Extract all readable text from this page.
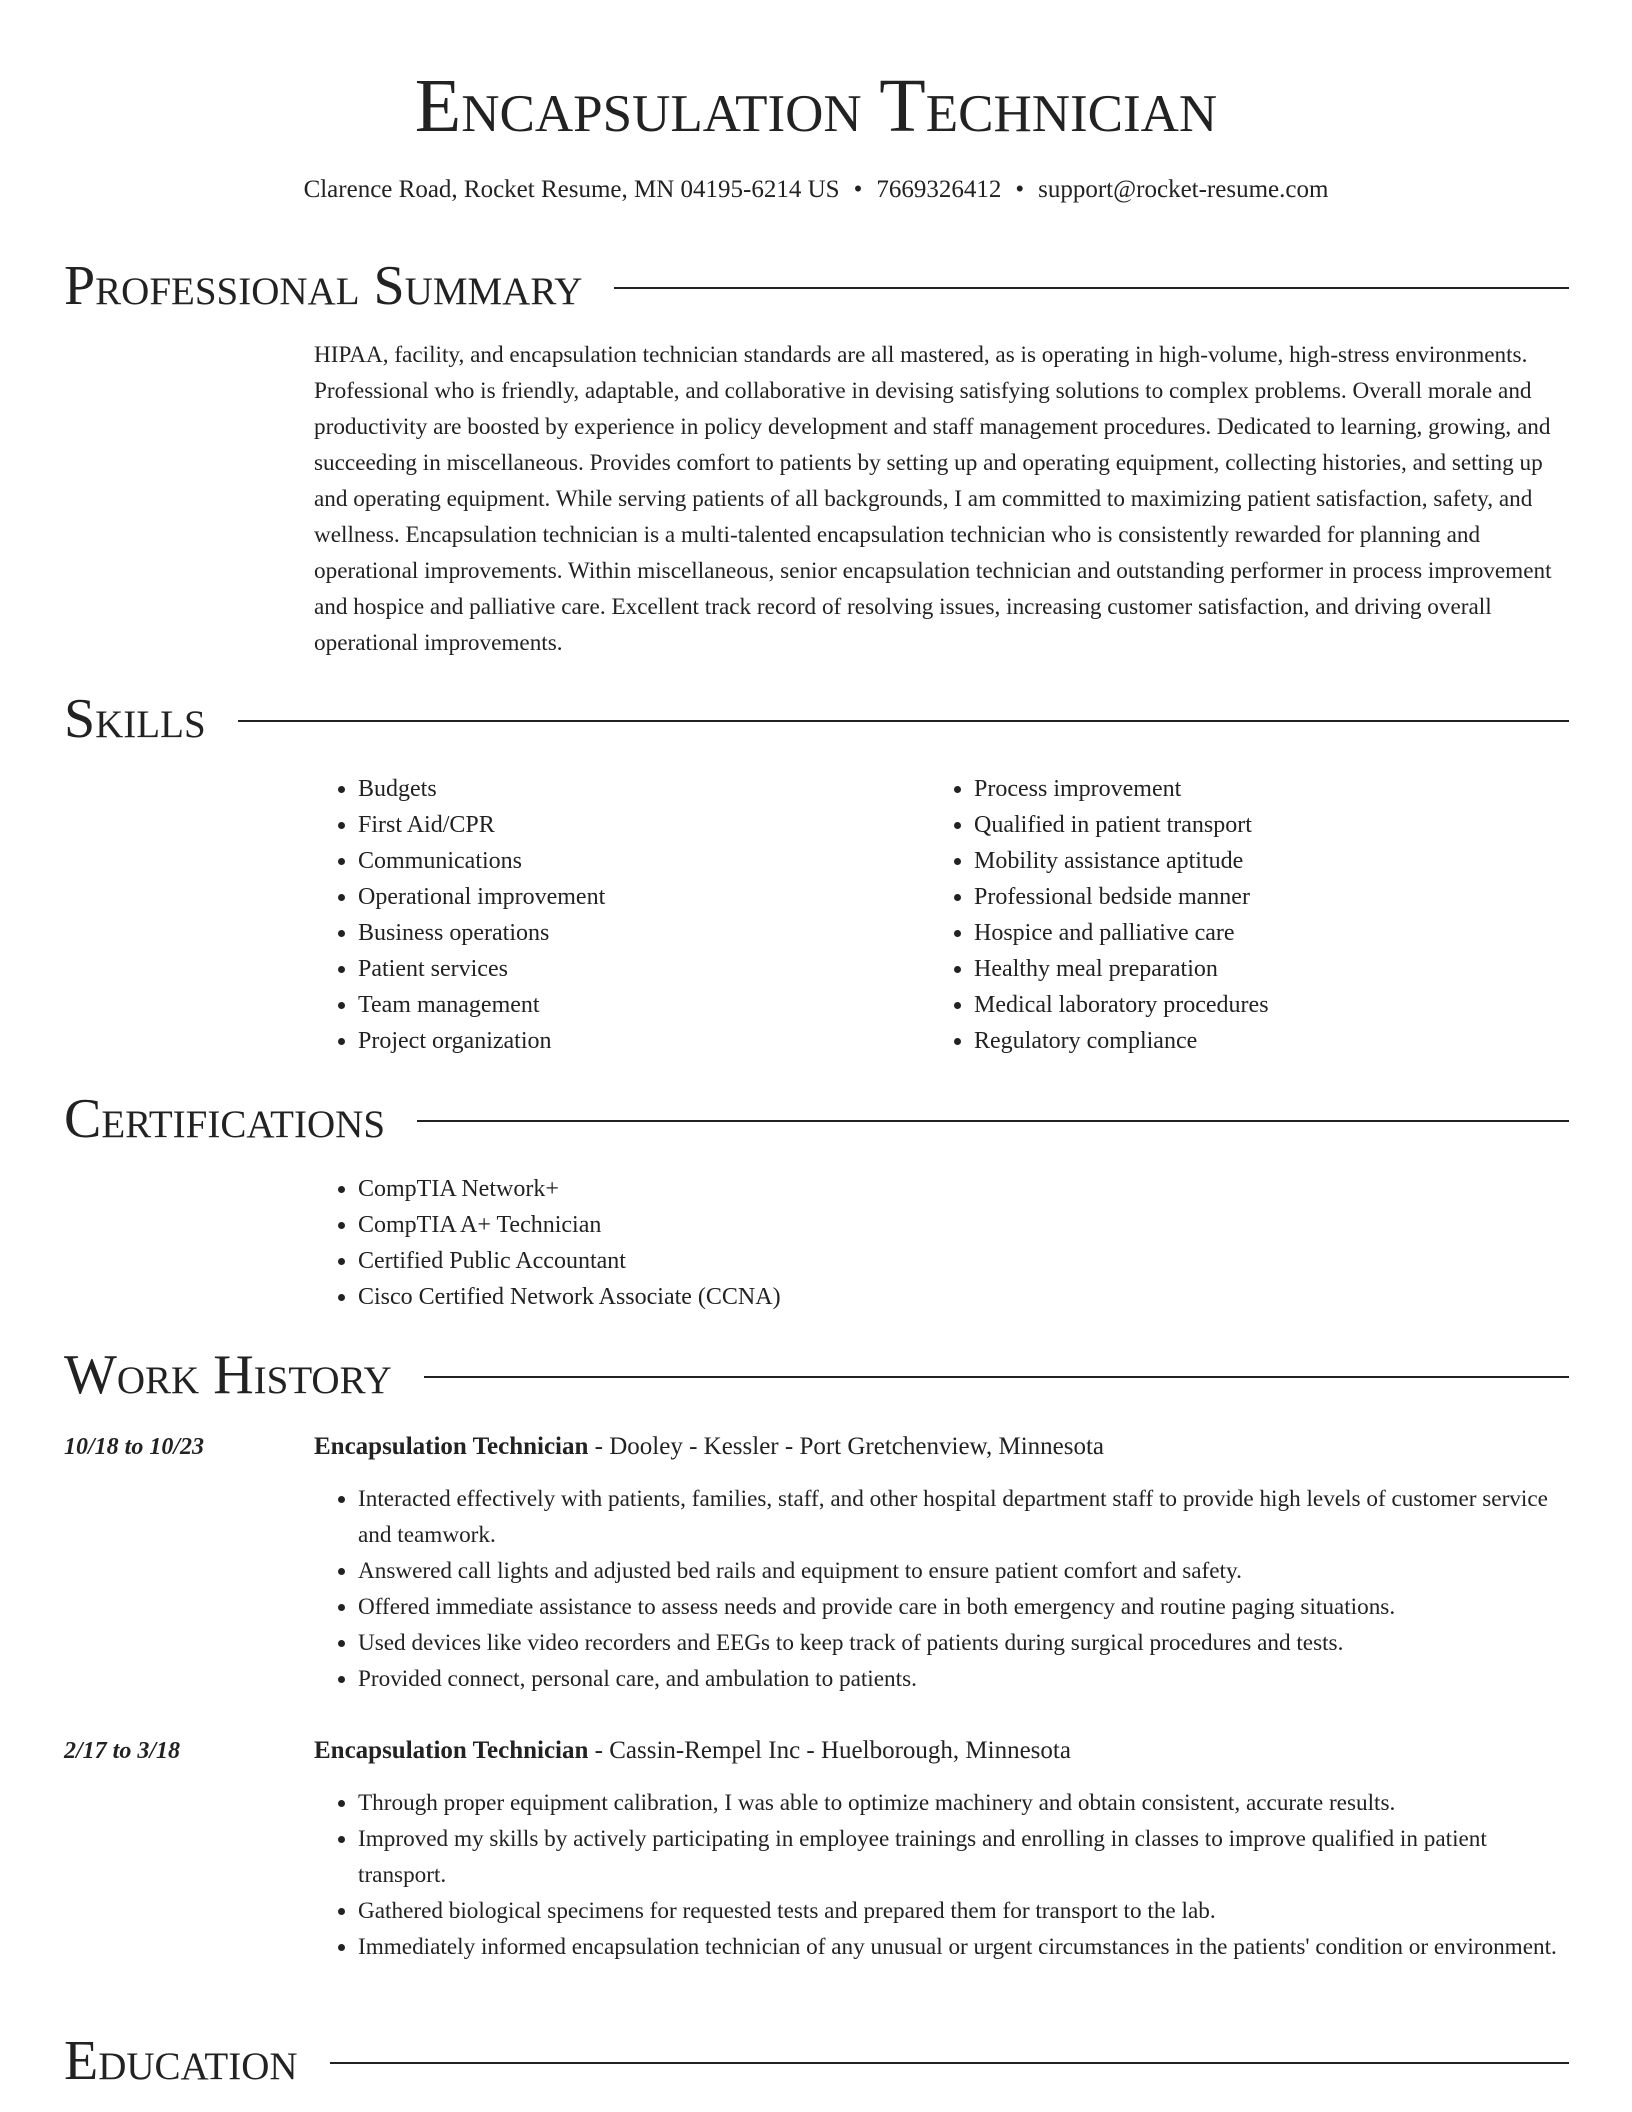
Encapsulation Technician
Clarence Road, Rocket Resume, MN 04195-6214 US • 7669326412 • support@rocket-resume.com
Professional Summary

HIPAA, facility, and encapsulation technician standards are all mastered, as is operating in high-volume, high-stress environments. Professional who is friendly, adaptable, and collaborative in devising satisfying solutions to complex problems. Overall morale and productivity are boosted by experience in policy development and staff management procedures. Dedicated to learning, growing, and succeeding in miscellaneous. Provides comfort to patients by setting up and operating equipment, collecting histories, and setting up and operating equipment. While serving patients of all backgrounds, I am committed to maximizing patient satisfaction, safety, and wellness. Encapsulation technician is a multi-talented encapsulation technician who is consistently rewarded for planning and operational improvements. Within miscellaneous, senior encapsulation technician and outstanding performer in process improvement and hospice and palliative care. Excellent track record of resolving issues, increasing customer satisfaction, and driving overall operational improvements.

Skills
• Budgets
• First Aid/CPR
• Communications
• Operational improvement
• Business operations
• Patient services
• Team management
• Project organization
• Process improvement
• Qualified in patient transport
• Mobility assistance aptitude
• Professional bedside manner
• Hospice and palliative care
• Healthy meal preparation
• Medical laboratory procedures
• Regulatory compliance
Certifications
• CompTIA Network+
• CompTIA A+ Technician
• Certified Public Accountant
• Cisco Certified Network Associate (CCNA)
Work History
10/18 to 10/23	Encapsulation Technician - Dooley - Kessler - Port Gretchenview, Minnesota
• Interacted effectively with patients, families, staff, and other hospital department staff to provide high levels of customer service and teamwork.
• Answered call lights and adjusted bed rails and equipment to ensure patient comfort and safety.
• Offered immediate assistance to assess needs and provide care in both emergency and routine paging situations.
• Used devices like video recorders and EEGs to keep track of patients during surgical procedures and tests.
• Provided connect, personal care, and ambulation to patients.
2/17 to 3/18	Encapsulation Technician - Cassin-Rempel Inc - Huelborough, Minnesota
• Through proper equipment calibration, I was able to optimize machinery and obtain consistent, accurate results.
• Improved my skills by actively participating in employee trainings and enrolling in classes to improve qualified in patient transport.
• Gathered biological specimens for requested tests and prepared them for transport to the lab.
• Immediately informed encapsulation technician of any unusual or urgent circumstances in the patients' condition or environment.
Education
